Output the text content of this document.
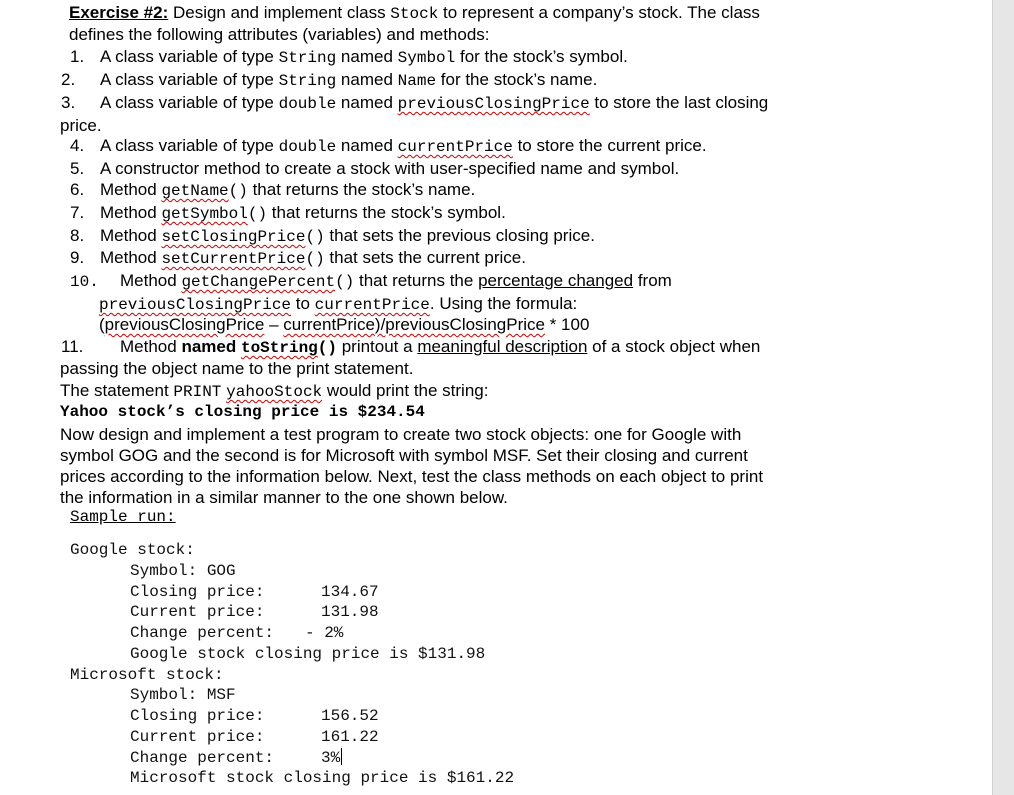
Exercise #2: Design and implement class Stock to represent a company’s stock. The class
defines the following attributes (variables) and methods:
1. A class variable of type String named Symbol for the stock’s symbol.
2. A class variable of type String named Name for the stock’s name.
3. A class variable of type double named previousClosingPrice to store the last closing
price.
4. A class variable of type double named currentPrice to store the current price.
5. A constructor method to create a stock with user-specified name and symbol.
6. Method getName() that returns the stock’s name.
7. Method getSymbol() that returns the stock’s symbol.
8. Method setClosingPrice() that sets the previous closing price.
9. Method setCurrentPrice() that sets the current price.
10. Method getChangePercent() that returns the percentage changed from
previousClosingPrice to currentPrice. Using the formula:
(previousClosingPrice – currentPrice)/previousClosingPrice * 100
11. Method named toString() printout a meaningful description of a stock object when
passing the object name to the print statement.
The statement PRINT yahooStock would print the string:
Yahoo stock’s closing price is $234.54
Now design and implement a test program to create two stock objects: one for Google with
symbol GOG and the second is for Microsoft with symbol MSF. Set their closing and current
prices according to the information below. Next, test the class methods on each object to print
the information in a similar manner to the one shown below.
Sample run:
Google stock:
Symbol: GOG
Closing price:	134.67
Current price:	131.98
Change percent: - 2%
Google stock closing price is $131.98
Microsoft stock:
Symbol: MSF
Closing price:	156.52
Current price:	161.22
Change percent:	3%
Microsoft stock closing price is $161.22
